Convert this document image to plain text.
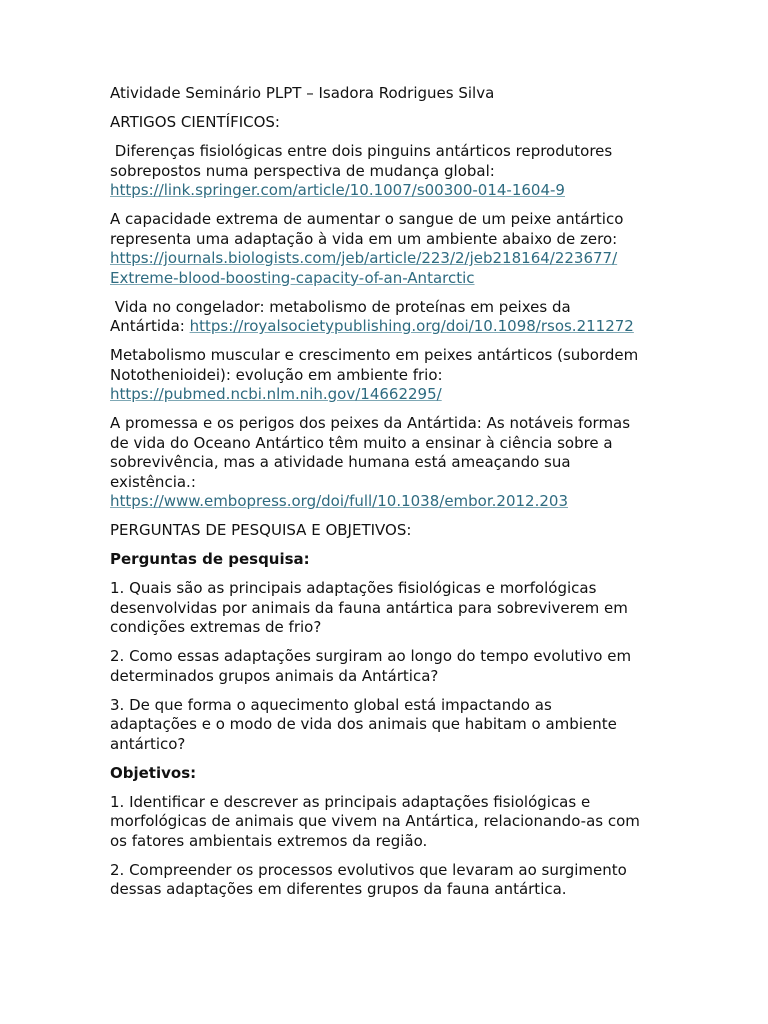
Atividade Seminário PLPT – Isadora Rodrigues Silva

ARTIGOS CIENTÍFICOS:

Diferenças fisiológicas entre dois pinguins antárticos reprodutores
sobrepostos numa perspectiva de mudança global:
https://link.springer.com/article/10.1007/s00300-014-1604-9

A capacidade extrema de aumentar o sangue de um peixe antártico
representa uma adaptação à vida em um ambiente abaixo de zero:
https://journals.biologists.com/jeb/article/223/2/jeb218164/223677/
Extreme-blood-boosting-capacity-of-an-Antarctic

Vida no congelador: metabolismo de proteínas em peixes da
Antártida: https://royalsocietypublishing.org/doi/10.1098/rsos.211272

Metabolismo muscular e crescimento em peixes antárticos (subordem
Notothenioidei): evolução em ambiente frio:
https://pubmed.ncbi.nlm.nih.gov/14662295/

A promessa e os perigos dos peixes da Antártida: As notáveis formas
de vida do Oceano Antártico têm muito a ensinar à ciência sobre a
sobrevivência, mas a atividade humana está ameaçando sua
existência.:
https://www.embopress.org/doi/full/10.1038/embor.2012.203

PERGUNTAS DE PESQUISA E OBJETIVOS:

Perguntas de pesquisa:

1. Quais são as principais adaptações fisiológicas e morfológicas
desenvolvidas por animais da fauna antártica para sobreviverem em
condições extremas de frio?

2. Como essas adaptações surgiram ao longo do tempo evolutivo em
determinados grupos animais da Antártica?

3. De que forma o aquecimento global está impactando as
adaptações e o modo de vida dos animais que habitam o ambiente
antártico?

Objetivos:

1. Identificar e descrever as principais adaptações fisiológicas e
morfológicas de animais que vivem na Antártica, relacionando-as com
os fatores ambientais extremos da região.

2. Compreender os processos evolutivos que levaram ao surgimento
dessas adaptações em diferentes grupos da fauna antártica.
